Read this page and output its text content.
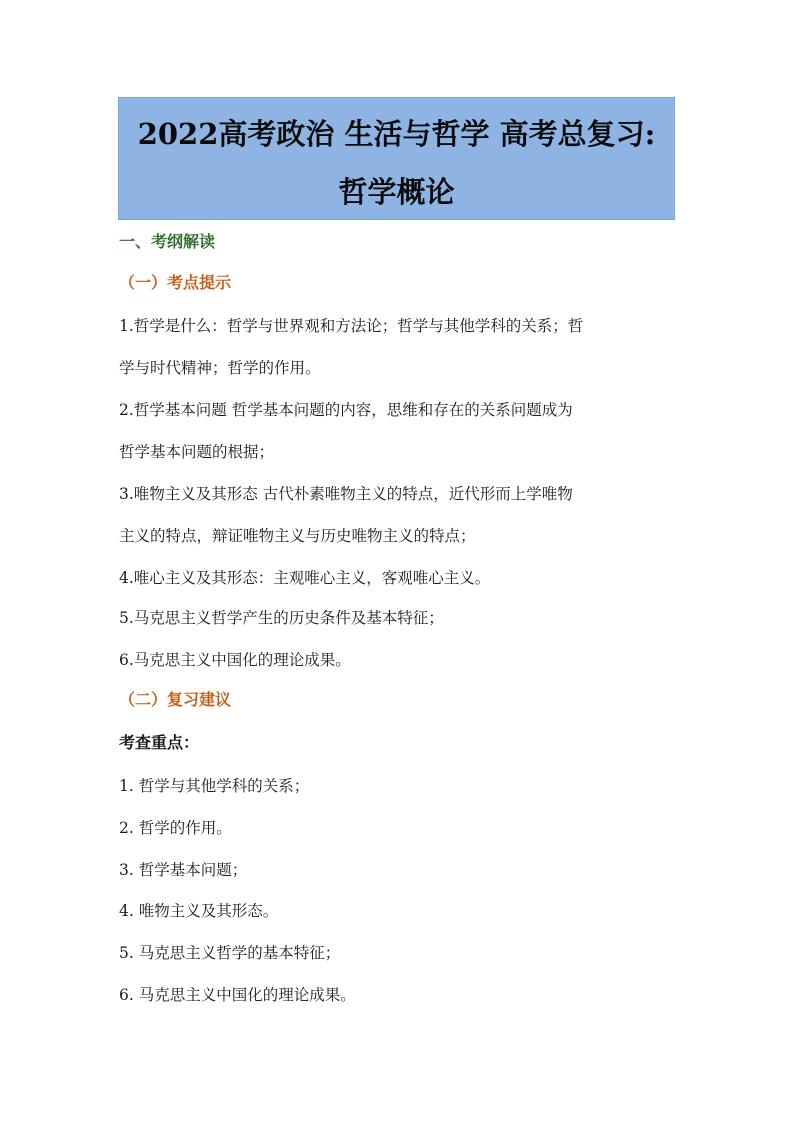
2022高考政治 生活与哲学 高考总复习:
哲学概论
一、考纲解读
（一）考点提示
1.哲学是什么：哲学与世界观和方法论；哲学与其他学科的关系；哲
学与时代精神；哲学的作用。
2.哲学基本问题 哲学基本问题的内容，思维和存在的关系问题成为
哲学基本问题的根据；
3.唯物主义及其形态 古代朴素唯物主义的特点，近代形而上学唯物
主义的特点，辩证唯物主义与历史唯物主义的特点；
4.唯心主义及其形态：主观唯心主义，客观唯心主义。
5.马克思主义哲学产生的历史条件及基本特征；
6.马克思主义中国化的理论成果。
（二）复习建议
考查重点：
1. 哲学与其他学科的关系；
2. 哲学的作用。
3. 哲学基本问题；
4. 唯物主义及其形态。
5. 马克思主义哲学的基本特征；
6. 马克思主义中国化的理论成果。
